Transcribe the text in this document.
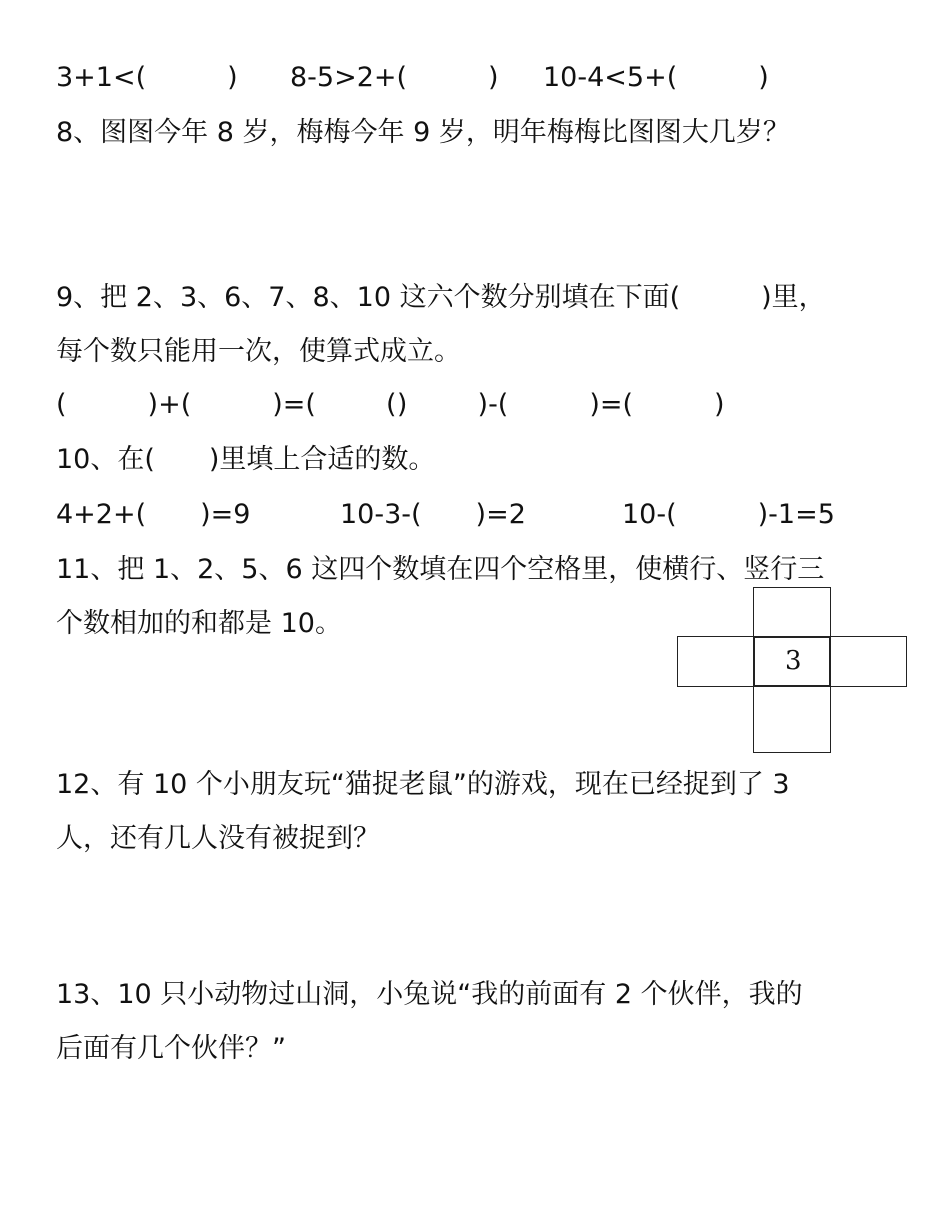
3+1<(　　　) 8-5>2+(　　　) 10-4<5+(　　　)
8、图图今年 8 岁，梅梅今年 9 岁，明年梅梅比图图大几岁？
9、把 2、3、6、7、8、10 这六个数分别填在下面(　　　)里，
每个数只能用一次，使算式成立。
(　　　)+(　　　)=(　　　)
(　　　)-(　　　)=(　　　)
10、在(　　)里填上合适的数。
4+2+(　　)=9	10-3-(　　)=2	10-(　　　)-1=5
11、把 1、2、5、6 这四个数填在四个空格里，使横行、竖行三
个数相加的和都是 10。
3
12、有 10 个小朋友玩“猫捉老鼠”的游戏，现在已经捉到了 3
人，还有几人没有被捉到？
13、10 只小动物过山洞，小兔说“我的前面有 2 个伙伴，我的
后面有几个伙伴？”
